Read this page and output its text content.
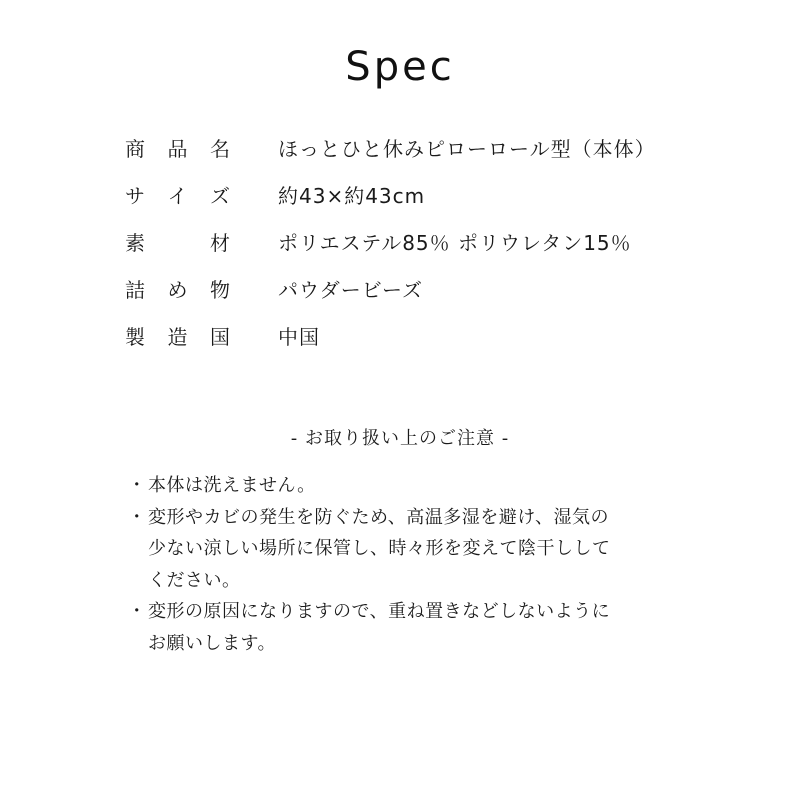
Spec
商 品 名 ほっとひと休みピローロール型（本体）
サ イ ズ 約43×約43cm
素	材 ポリエステル85％ ポリウレタン15％
詰 め 物 パウダービーズ
製 造 国 中国
- お取り扱い上のご注意 -
・ 本体は洗えません。
・ 変形やカビの発生を防ぐため、高温多湿を避け、湿気の
少ない涼しい場所に保管し、時々形を変えて陰干しして
ください。
・ 変形の原因になりますので、重ね置きなどしないように
お願いします。
